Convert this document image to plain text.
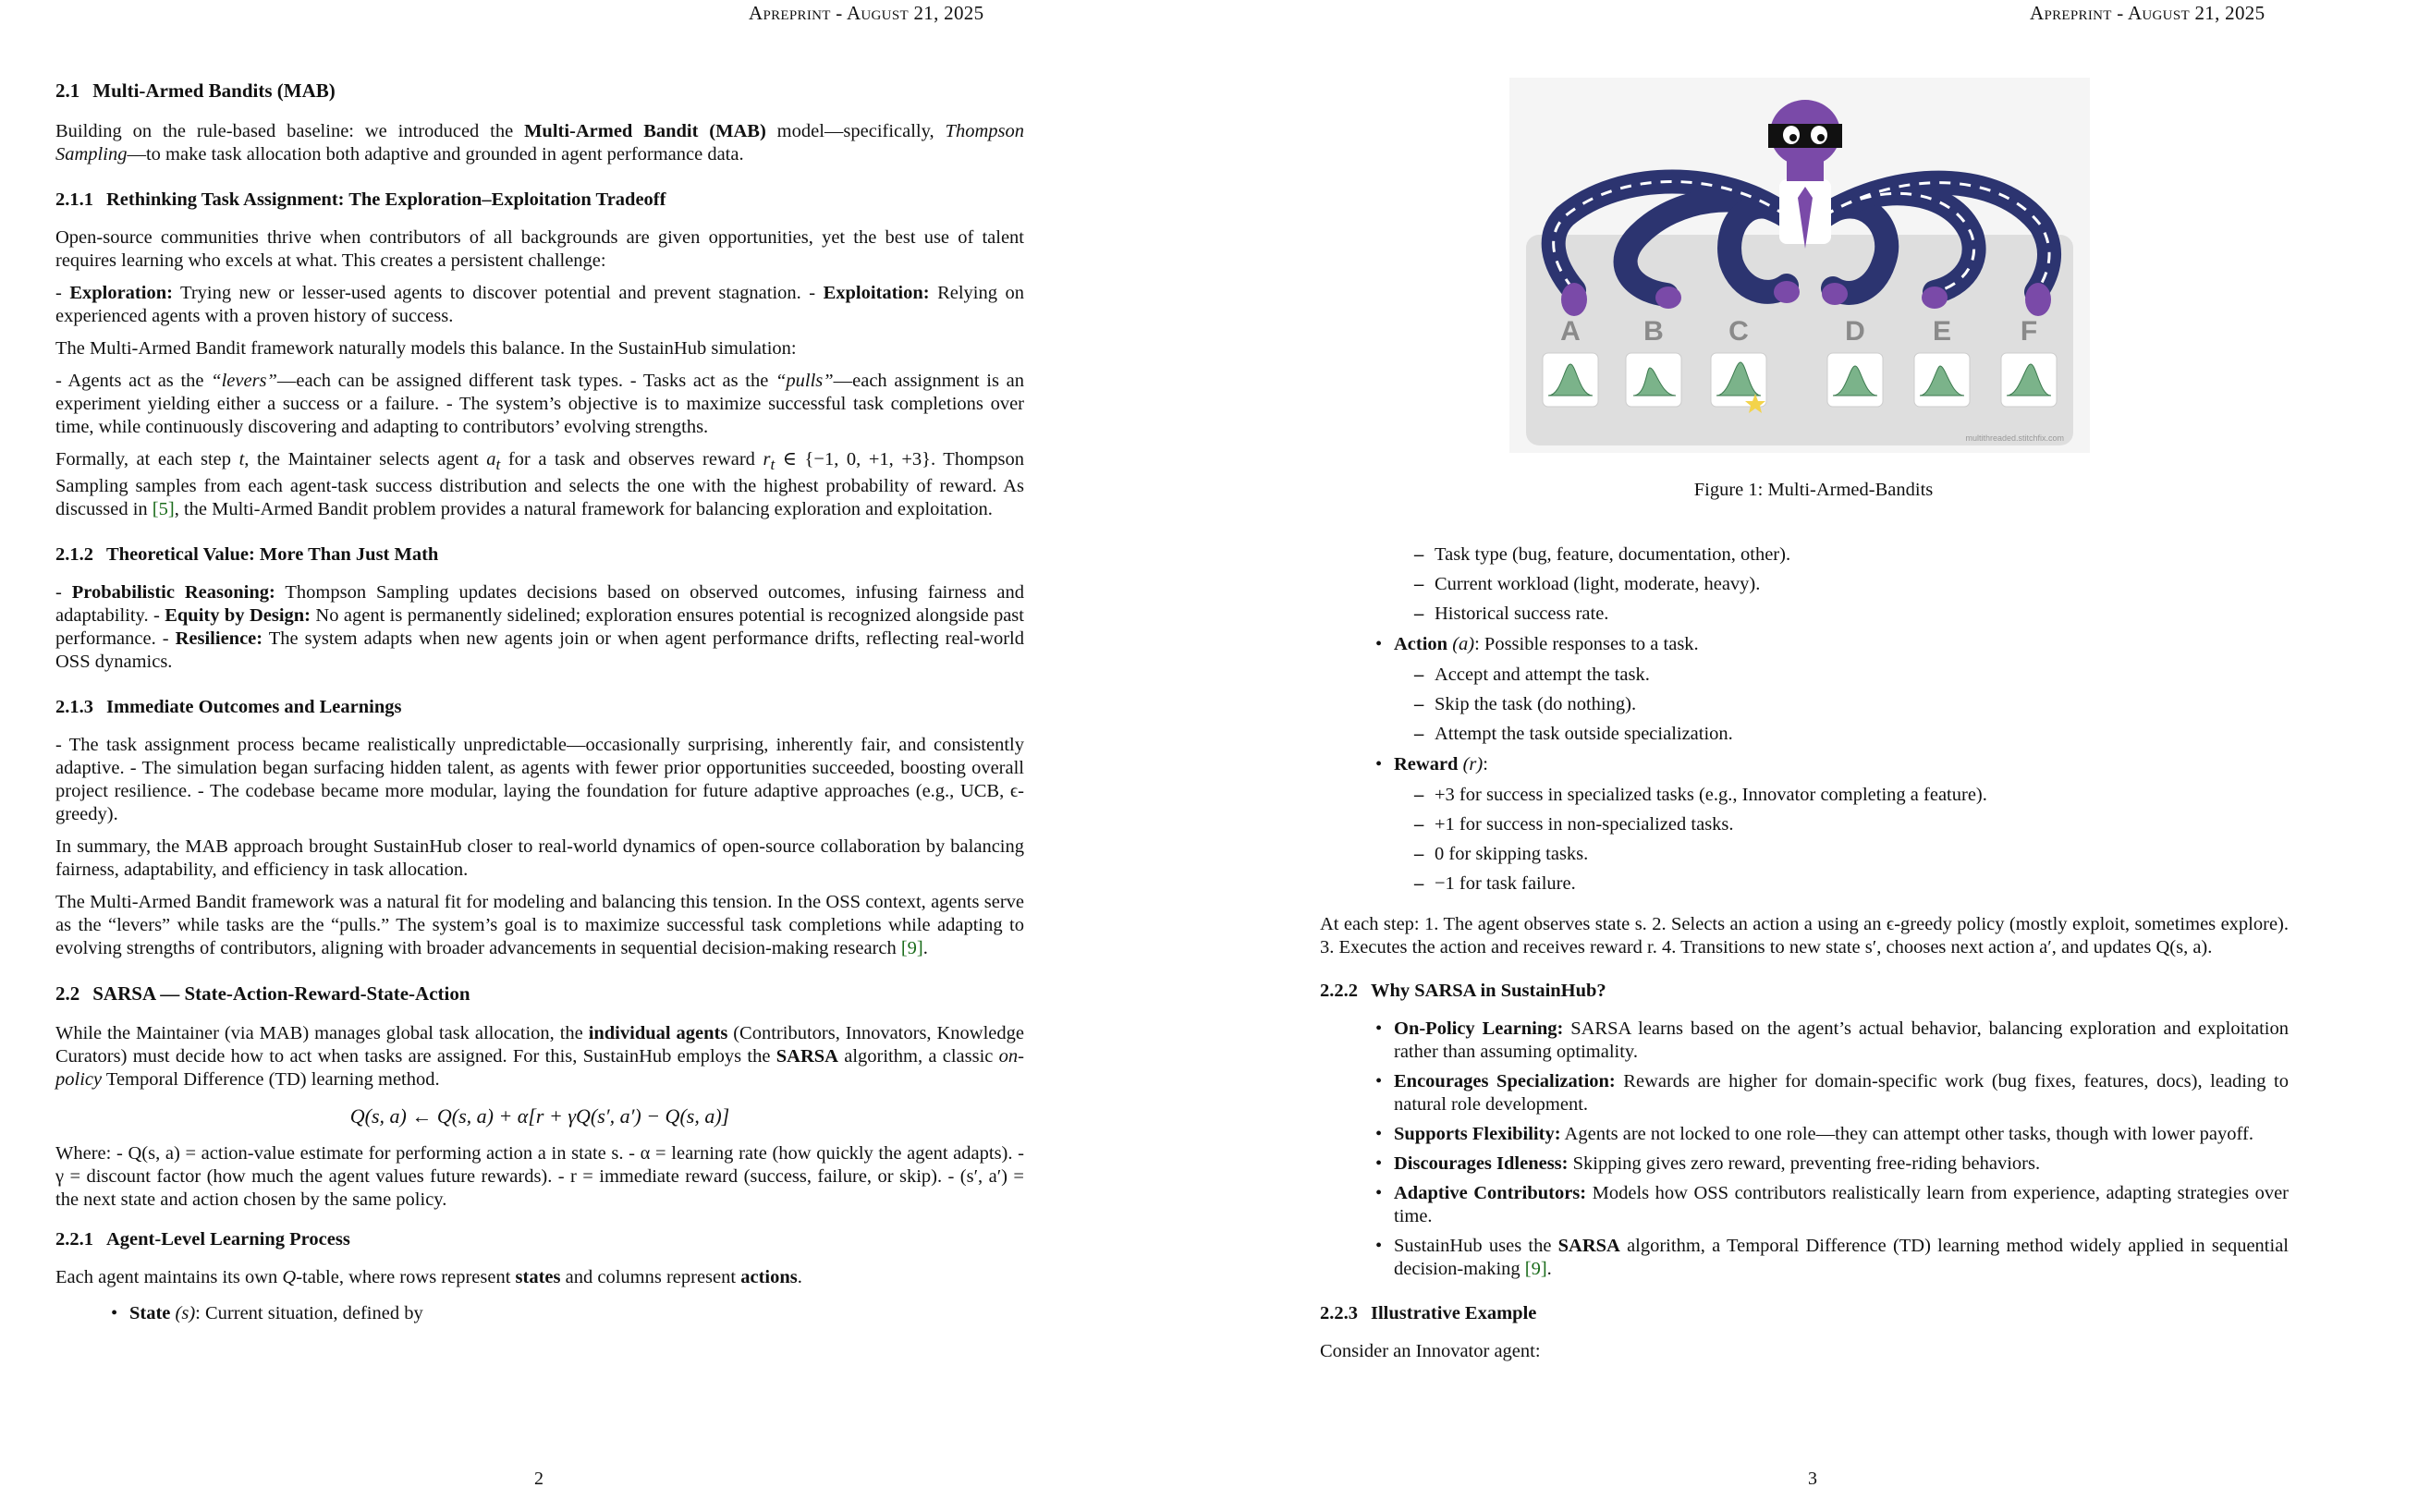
Apreprint - August 21, 2025
2.1 Multi-Armed Bandits (MAB)

Building on the rule-based baseline: we introduced the Multi-Armed Bandit (MAB) model—specifically, Thompson Sampling—to make task allocation both adaptive and grounded in agent performance data.

2.1.1 Rethinking Task Assignment: The Exploration–Exploitation Tradeoff

Open-source communities thrive when contributors of all backgrounds are given opportunities, yet the best use of talent requires learning who excels at what. This creates a persistent challenge:

- Exploration: Trying new or lesser-used agents to discover potential and prevent stagnation. - Exploitation: Relying on experienced agents with a proven history of success.

The Multi-Armed Bandit framework naturally models this balance. In the SustainHub simulation:

- Agents act as the “levers”—each can be assigned different task types. - Tasks act as the “pulls”—each assignment is an experiment yielding either a success or a failure. - The system’s objective is to maximize successful task completions over time, while continuously discovering and adapting to contributors’ evolving strengths.

Formally, at each step t, the Maintainer selects agent $a_t$ for a task and observes reward $r_t$ ∈ {−1, 0, +1, +3}. Thompson Sampling samples from each agent-task success distribution and selects the one with the highest probability of reward. As discussed in [5], the Multi-Armed Bandit problem provides a natural framework for balancing exploration and exploitation.

2.1.2 Theoretical Value: More Than Just Math

- Probabilistic Reasoning: Thompson Sampling updates decisions based on observed outcomes, infusing fairness and adaptability. - Equity by Design: No agent is permanently sidelined; exploration ensures potential is recognized alongside past performance. - Resilience: The system adapts when new agents join or when agent performance drifts, reflecting real-world OSS dynamics.

2.1.3 Immediate Outcomes and Learnings

- The task assignment process became realistically unpredictable—occasionally surprising, inherently fair, and consistently adaptive. - The simulation began surfacing hidden talent, as agents with fewer prior opportunities succeeded, boosting overall project resilience. - The codebase became more modular, laying the foundation for future adaptive approaches (e.g., UCB, ϵ-greedy).

In summary, the MAB approach brought SustainHub closer to real-world dynamics of open-source collaboration by balancing fairness, adaptability, and efficiency in task allocation.

The Multi-Armed Bandit framework was a natural fit for modeling and balancing this tension. In the OSS context, agents serve as the “levers” while tasks are the “pulls.” The system’s goal is to maximize successful task completions while adapting to evolving strengths of contributors, aligning with broader advancements in sequential decision-making research [9].

2.2 SARSA — State-Action-Reward-State-Action

While the Maintainer (via MAB) manages global task allocation, the individual agents (Contributors, Innovators, Knowledge Curators) must decide how to act when tasks are assigned. For this, SustainHub employs the SARSA algorithm, a classic on-policy Temporal Difference (TD) learning method.

Q(s, a) ← Q(s, a) + α[r + γQ(s′, a′) − Q(s, a)]

Where: - Q(s, a) = action-value estimate for performing action a in state s. - α = learning rate (how quickly the agent adapts). - γ = discount factor (how much the agent values future rewards). - r = immediate reward (success, failure, or skip). - (s′, a′) = the next state and action chosen by the same policy.

2.2.1 Agent-Level Learning Process

Each agent maintains its own Q-table, where rows represent states and columns represent actions.

• State (s): Current situation, defined by
2
Apreprint - August 21, 2025
A B C	D E F
multithreaded.stitchfix.com
Figure 1: Multi-Armed-Bandits
– Task type (bug, feature, documentation, other).
– Current workload (light, moderate, heavy).
– Historical success rate.
• Action (a): Possible responses to a task.
– Accept and attempt the task.
– Skip the task (do nothing).
– Attempt the task outside specialization.
• Reward (r):
– +3 for success in specialized tasks (e.g., Innovator completing a feature).
– +1 for success in non-specialized tasks.
– 0 for skipping tasks.
– −1 for task failure.

At each step: 1. The agent observes state s. 2. Selects an action a using an ϵ-greedy policy (mostly exploit, sometimes explore). 3. Executes the action and receives reward r. 4. Transitions to new state s′, chooses next action a′, and updates Q(s, a).

2.2.2 Why SARSA in SustainHub?
• On-Policy Learning: SARSA learns based on the agent’s actual behavior, balancing exploration and exploitation rather than assuming optimality.
• Encourages Specialization: Rewards are higher for domain-specific work (bug fixes, features, docs), leading to natural role development.
• Supports Flexibility: Agents are not locked to one role—they can attempt other tasks, though with lower payoff.
• Discourages Idleness: Skipping gives zero reward, preventing free-riding behaviors.
• Adaptive Contributors: Models how OSS contributors realistically learn from experience, adapting strategies over time.
• SustainHub uses the SARSA algorithm, a Temporal Difference (TD) learning method widely applied in sequential decision-making [9].
2.2.3 Illustrative Example

Consider an Innovator agent:

3
